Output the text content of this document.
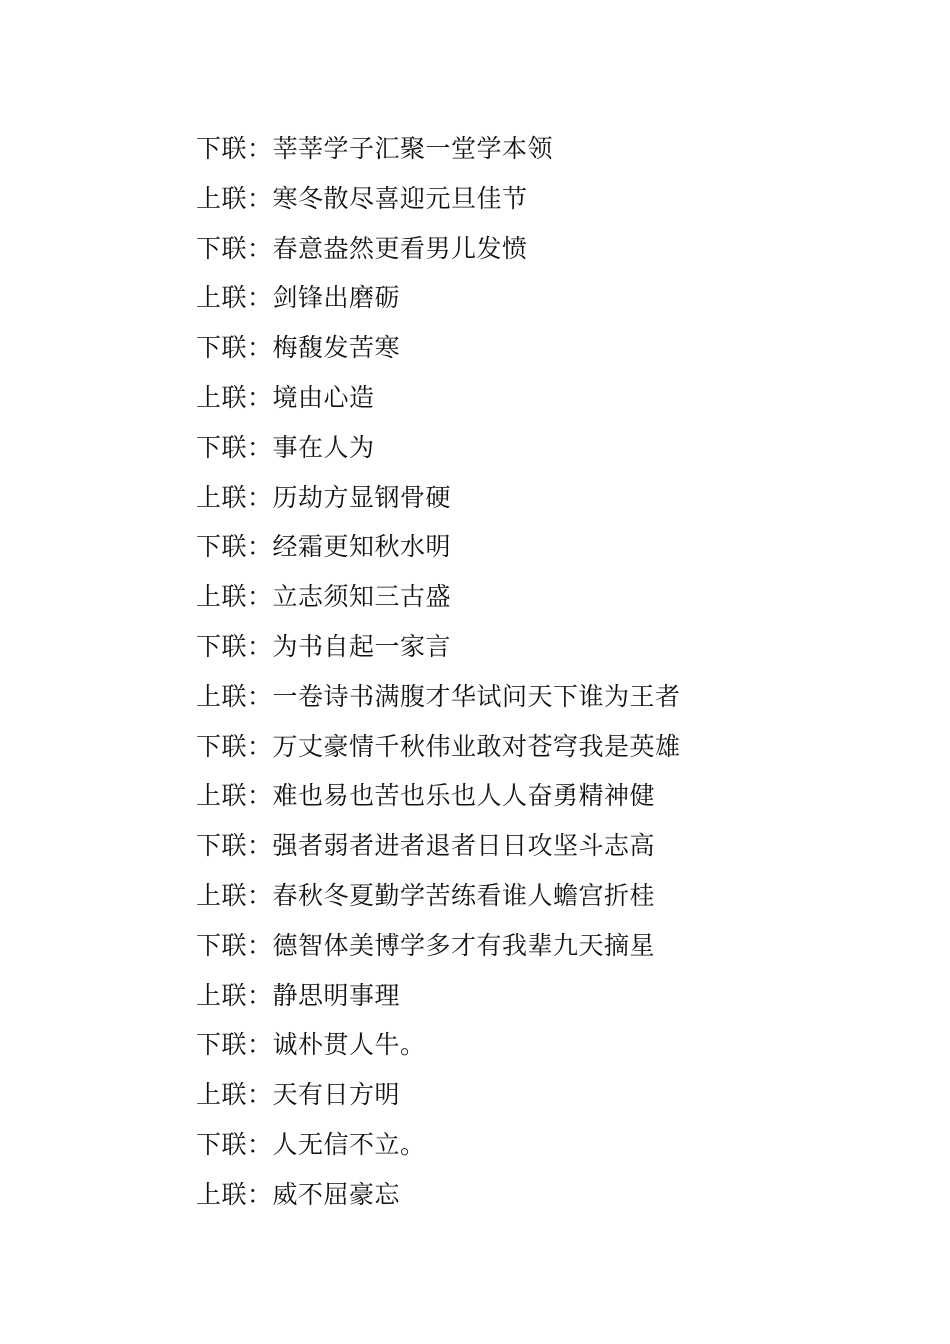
下联：莘莘学子汇聚一堂学本领
上联：寒冬散尽喜迎元旦佳节
下联：春意盎然更看男儿发愤
上联：剑锋出磨砺
下联：梅馥发苦寒
上联：境由心造
下联：事在人为
上联：历劫方显钢骨硬
下联：经霜更知秋水明
上联：立志须知三古盛
下联：为书自起一家言
上联：一卷诗书满腹才华试问天下谁为王者
下联：万丈豪情千秋伟业敢对苍穹我是英雄
上联：难也易也苦也乐也人人奋勇精神健
下联：强者弱者进者退者日日攻坚斗志高
上联：春秋冬夏勤学苦练看谁人蟾宫折桂
下联：德智体美博学多才有我辈九天摘星
上联：静思明事理
下联：诚朴贯人牛。
上联：天有日方明
下联：人无信不立。
上联：威不屈豪忘
